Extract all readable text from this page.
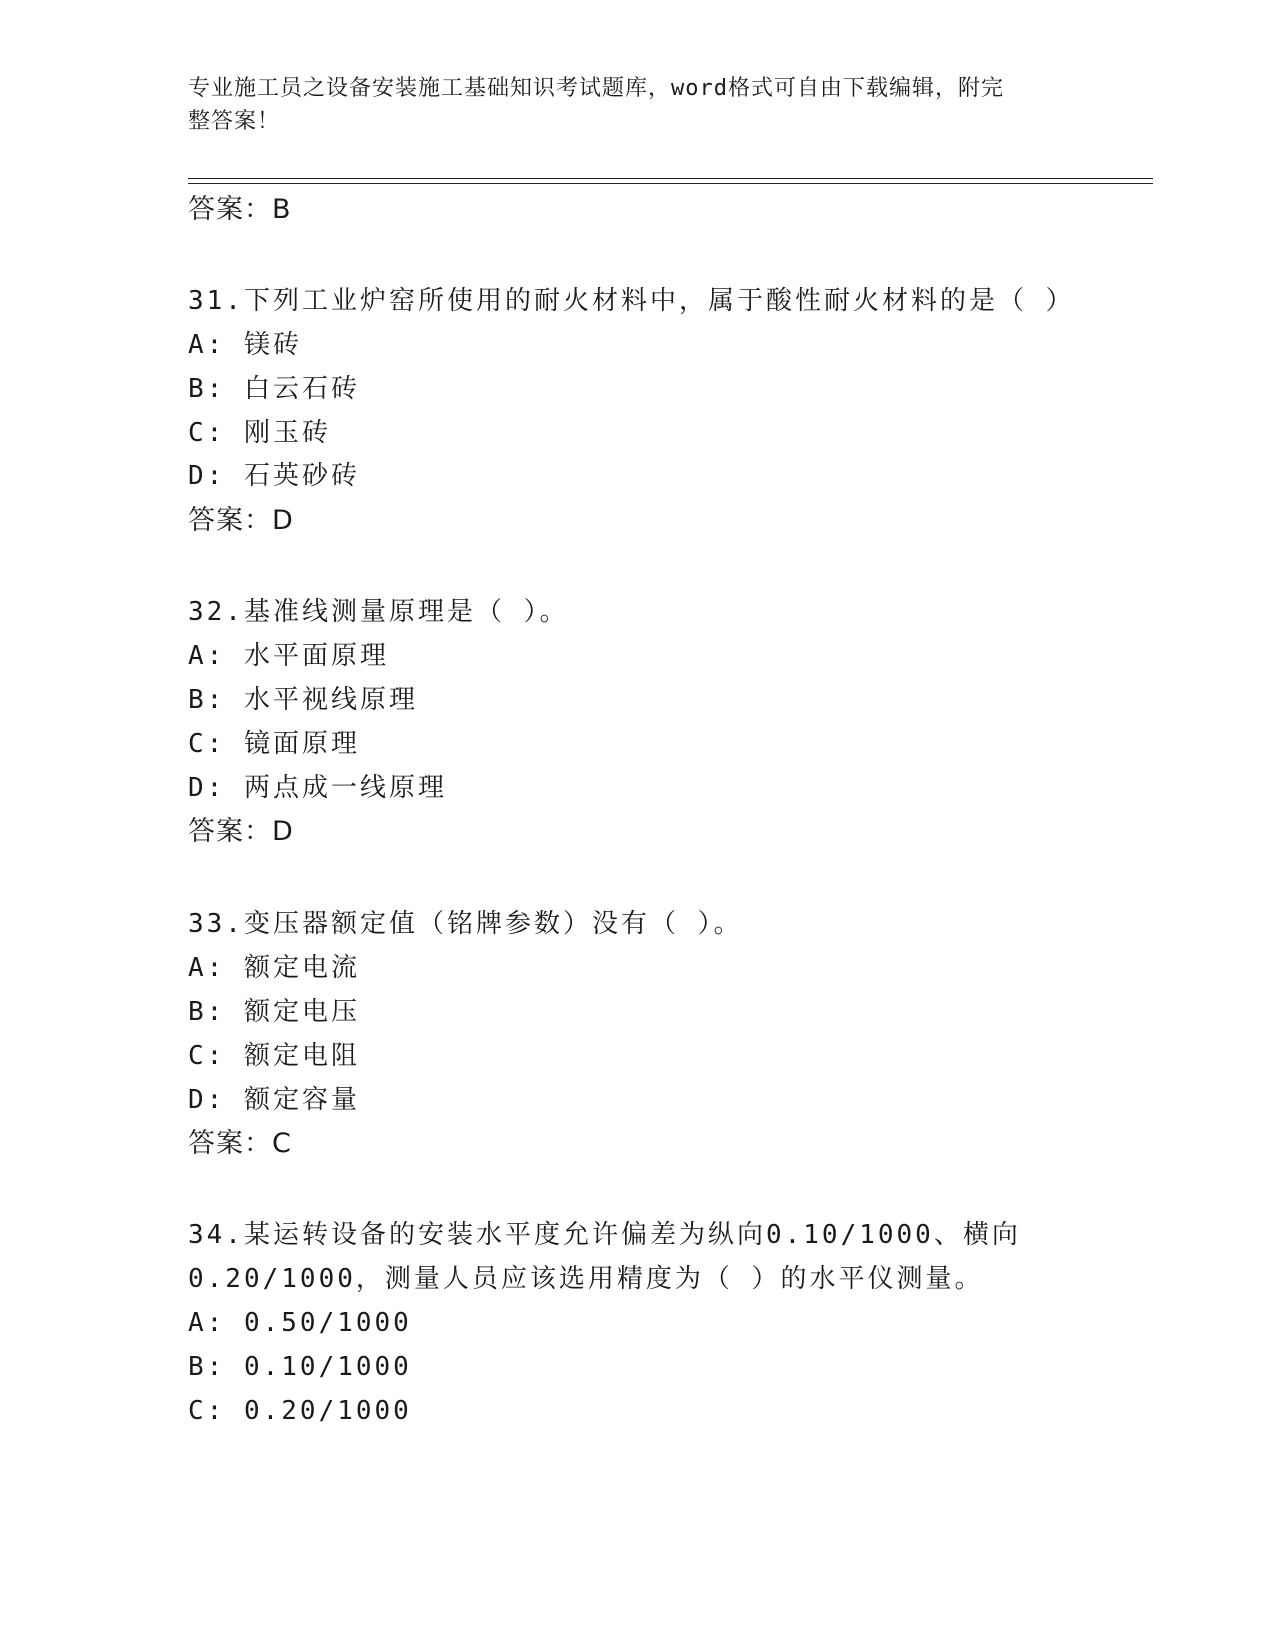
专业施工员之设备安装施工基础知识考试题库，word格式可自由下载编辑，附完
整答案！
答案：B
31.下列工业炉窑所使用的耐火材料中，属于酸性耐火材料的是（ ）
A: 镁砖
B: 白云石砖
C: 刚玉砖
D: 石英砂砖
答案：D
32.基准线测量原理是（ ）。
A: 水平面原理
B: 水平视线原理
C: 镜面原理
D: 两点成一线原理
答案：D
33.变压器额定值（铭牌参数）没有（ ）。
A: 额定电流
B: 额定电压
C: 额定电阻
D: 额定容量
答案：C
34.某运转设备的安装水平度允许偏差为纵向0.10/1000、横向
0.20/1000，测量人员应该选用精度为（ ）的水平仪测量。
A: 0.50/1000
B: 0.10/1000
C: 0.20/1000
